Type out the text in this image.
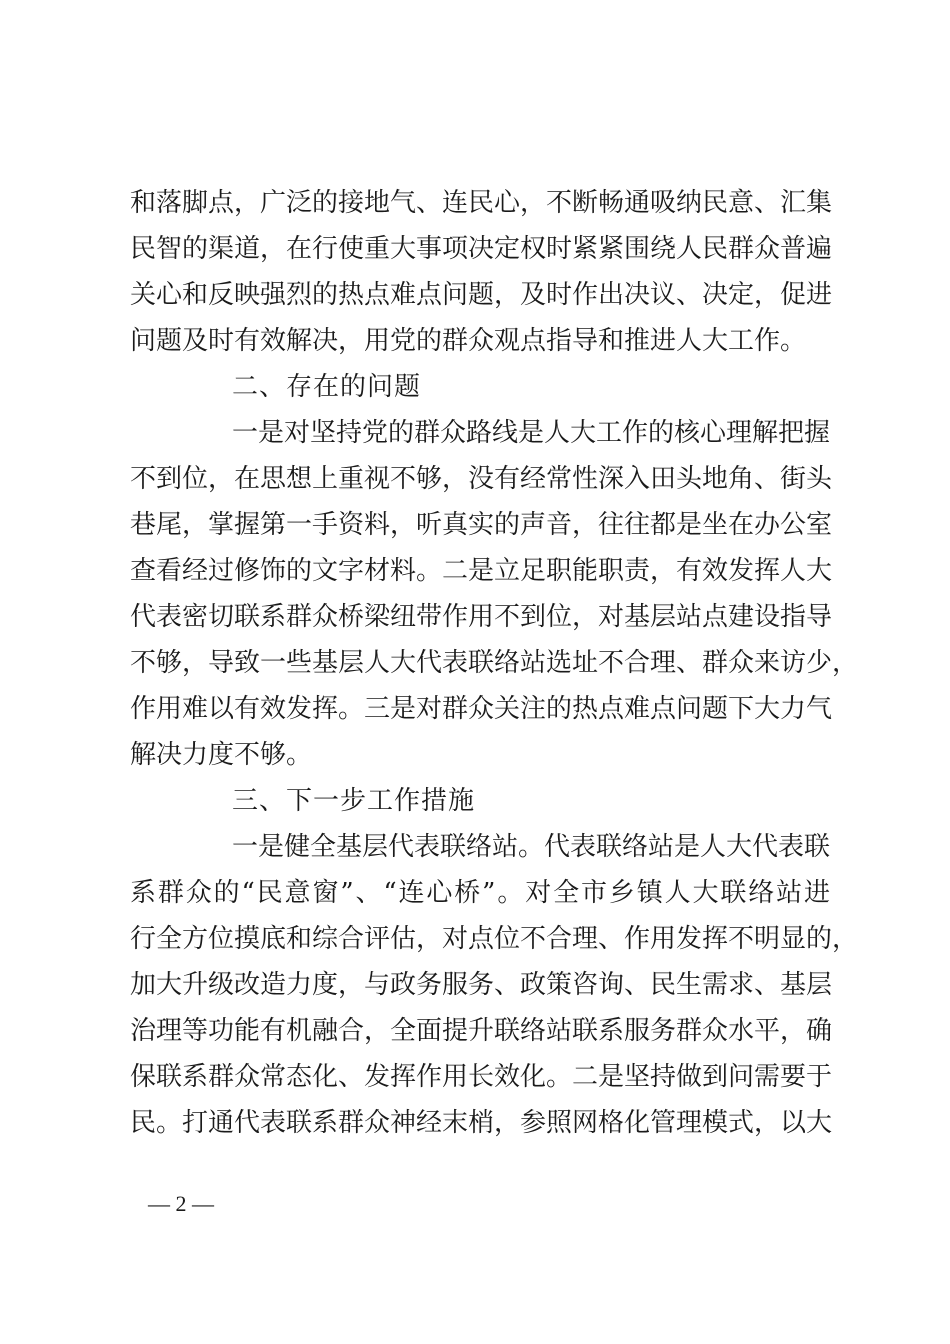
和落脚点，广泛的接地气、连民心，不断畅通吸纳民意、汇集
民智的渠道，在行使重大事项决定权时紧紧围绕人民群众普遍
关心和反映强烈的热点难点问题，及时作出决议、决定，促进
问题及时有效解决，用党的群众观点指导和推进人大工作。
二、存在的问题
一是对坚持党的群众路线是人大工作的核心理解把握
不到位，在思想上重视不够，没有经常性深入田头地角、街头
巷尾，掌握第一手资料，听真实的声音，往往都是坐在办公室
查看经过修饰的文字材料。二是立足职能职责，有效发挥人大
代表密切联系群众桥梁纽带作用不到位，对基层站点建设指导
不够，导致一些基层人大代表联络站选址不合理、群众来访少，
作用难以有效发挥。三是对群众关注的热点难点问题下大力气
解决力度不够。
三、下一步工作措施
一是健全基层代表联络站。代表联络站是人大代表联
系群众的“民意窗”、“连心桥”。对全市乡镇人大联络站进
行全方位摸底和综合评估，对点位不合理、作用发挥不明显的，
加大升级改造力度，与政务服务、政策咨询、民生需求、基层
治理等功能有机融合，全面提升联络站联系服务群众水平，确
保联系群众常态化、发挥作用长效化。二是坚持做到问需要于
民。打通代表联系群众神经末梢，参照网格化管理模式，以大
— 2 —
